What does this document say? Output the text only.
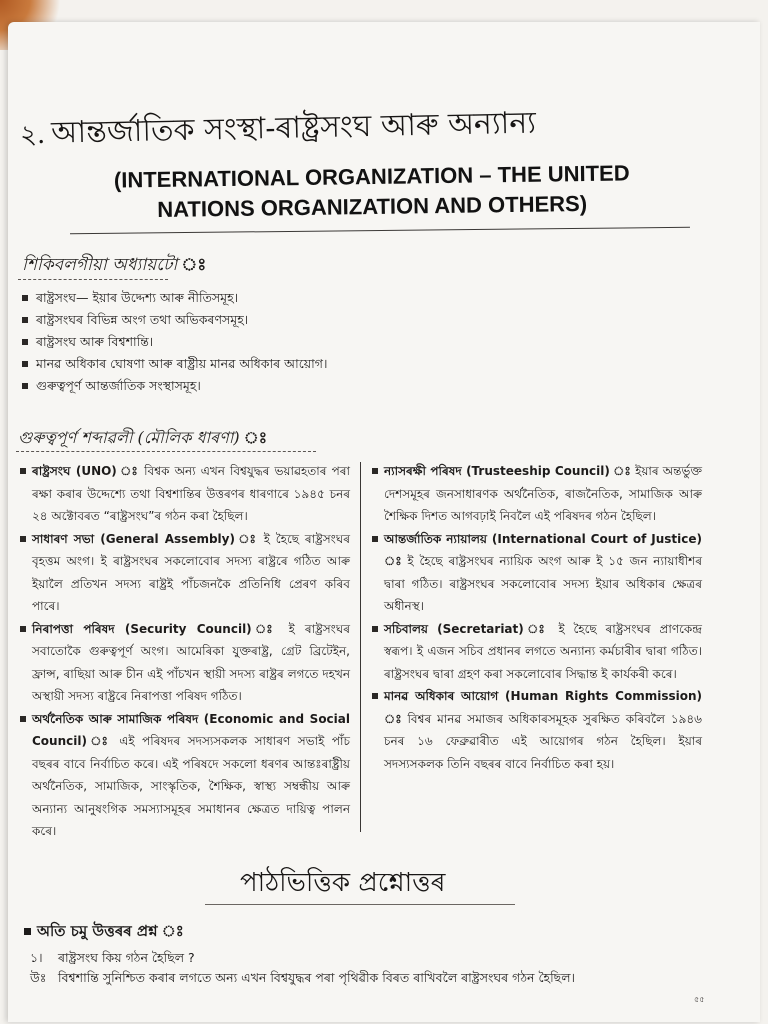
২. আন্তৰ্জাতিক সংস্থা-ৰাষ্ট্ৰসংঘ আৰু অন্যান্য
(INTERNATIONAL ORGANIZATION – THE UNITED
NATIONS ORGANIZATION AND OTHERS)
শিকিবলগীয়া অধ্যায়টো ঃ
ৰাষ্ট্ৰসংঘ— ইয়াৰ উদ্দেশ্য আৰু নীতিসমূহ।
ৰাষ্ট্ৰসংঘৰ বিভিন্ন অংগ তথা অভিকৰণসমূহ।
ৰাষ্ট্ৰসংঘ আৰু বিশ্বশান্তি।
মানৱ অধিকাৰ ঘোষণা আৰু ৰাষ্ট্ৰীয় মানৱ অধিকাৰ আয়োগ।
গুৰুত্বপূৰ্ণ আন্তৰ্জাতিক সংস্থাসমূহ।
গুৰুত্বপূৰ্ণ শব্দাৱলী (মৌলিক ধাৰণা) ঃ
ৰাষ্ট্ৰসংঘ (UNO) ঃ বিশ্বক অন্য এখন বিশ্বযুদ্ধৰ ভয়াৱহতাৰ পৰা ৰক্ষা কৰাৰ উদ্দেশ্যে তথা বিশ্বশান্তিৰ উত্তৰণৰ ধাৰণাৰে ১৯৪৫ চনৰ ২৪ অক্টোবৰত “ৰাষ্ট্ৰসংঘ”ৰ গঠন কৰা হৈছিল।
সাধাৰণ সভা (General Assembly) ঃ ই হৈছে ৰাষ্ট্ৰসংঘৰ বৃহত্তম অংগ। ই ৰাষ্ট্ৰসংঘৰ সকলোবোৰ সদস্য ৰাষ্ট্ৰৰে গঠিত আৰু ইয়ালৈ প্ৰতিখন সদস্য ৰাষ্ট্ৰই পাঁচজনকৈ প্ৰতিনিধি প্ৰেৰণ কৰিব পাৰে।
নিৰাপত্তা পৰিষদ (Security Council) ঃ ই ৰাষ্ট্ৰসংঘৰ সবাতোকৈ গুৰুত্বপূৰ্ণ অংগ। আমেৰিকা যুক্তৰাষ্ট্ৰ, গ্ৰেট ব্ৰিটেইন, ফ্ৰান্স, ৰাছিয়া আৰু চীন এই পাঁচখন স্থায়ী সদস্য ৰাষ্ট্ৰৰ লগতে দহখন অস্থায়ী সদস্য ৰাষ্ট্ৰৰে নিৰাপত্তা পৰিষদ গঠিত।
অৰ্থনৈতিক আৰু সামাজিক পৰিষদ (Economic and Social Council) ঃ এই পৰিষদৰ সদস্যসকলক সাধাৰণ সভাই পাঁচ বছৰৰ বাবে নিৰ্বাচিত কৰে। এই পৰিষদে সকলো ধৰণৰ আন্তঃৰাষ্ট্ৰীয় অৰ্থনৈতিক, সামাজিক, সাংস্কৃতিক, শৈক্ষিক, স্বাস্থ্য সম্বন্ধীয় আৰু অন্যান্য আনুষংগিক সমস্যাসমূহৰ সমাধানৰ ক্ষেত্ৰত দায়িত্ব পালন কৰে।
ন্যাসৰক্ষী পৰিষদ (Trusteeship Council) ঃ ইয়াৰ অন্তৰ্ভুক্ত দেশসমূহৰ জনসাধাৰণক অৰ্থনৈতিক, ৰাজনৈতিক, সামাজিক আৰু শৈক্ষিক দিশত আগবঢ়াই নিবলৈ এই পৰিষদৰ গঠন হৈছিল।
আন্তৰ্জাতিক ন্যায়ালয় (International Court of Justice) ঃ ই হৈছে ৰাষ্ট্ৰসংঘৰ ন্যায়িক অংগ আৰু ই ১৫ জন ন্যায়াধীশৰ দ্বাৰা গঠিত। ৰাষ্ট্ৰসংঘৰ সকলোবোৰ সদস্য ইয়াৰ অধিকাৰ ক্ষেত্ৰৰ অধীনস্থ।
সচিবালয় (Secretariat) ঃ ই হৈছে ৰাষ্ট্ৰসংঘৰ প্ৰাণকেন্দ্ৰ স্বৰূপ। ই এজন সচিব প্ৰধানৰ লগতে অন্যান্য কৰ্মচাৰীৰ দ্বাৰা গঠিত। ৰাষ্ট্ৰসংঘৰ দ্বাৰা গ্ৰহণ কৰা সকলোবোৰ সিদ্ধান্ত ই কাৰ্যকৰী কৰে।
মানৱ অধিকাৰ আয়োগ (Human Rights Commission) ঃ বিশ্বৰ মানৱ সমাজৰ অধিকাৰসমূহক সুৰক্ষিত কৰিবলৈ ১৯৪৬ চনৰ ১৬ ফেব্ৰুৱাৰীত এই আয়োগৰ গঠন হৈছিল। ইয়াৰ সদস্যসকলক তিনি বছৰৰ বাবে নিৰ্বাচিত কৰা হয়।
পাঠভিত্তিক প্ৰশ্নোত্তৰ
অতি চমু উত্তৰৰ প্ৰশ্ন ঃ
১। ৰাষ্ট্ৰসংঘ কিয় গঠন হৈছিল ?
উঃ বিশ্বশান্তি সুনিশ্চিত কৰাৰ লগতে অন্য এখন বিশ্বযুদ্ধৰ পৰা পৃথিৱীক বিৰত ৰাখিবলৈ ৰাষ্ট্ৰসংঘৰ গঠন হৈছিল।
৫৫
